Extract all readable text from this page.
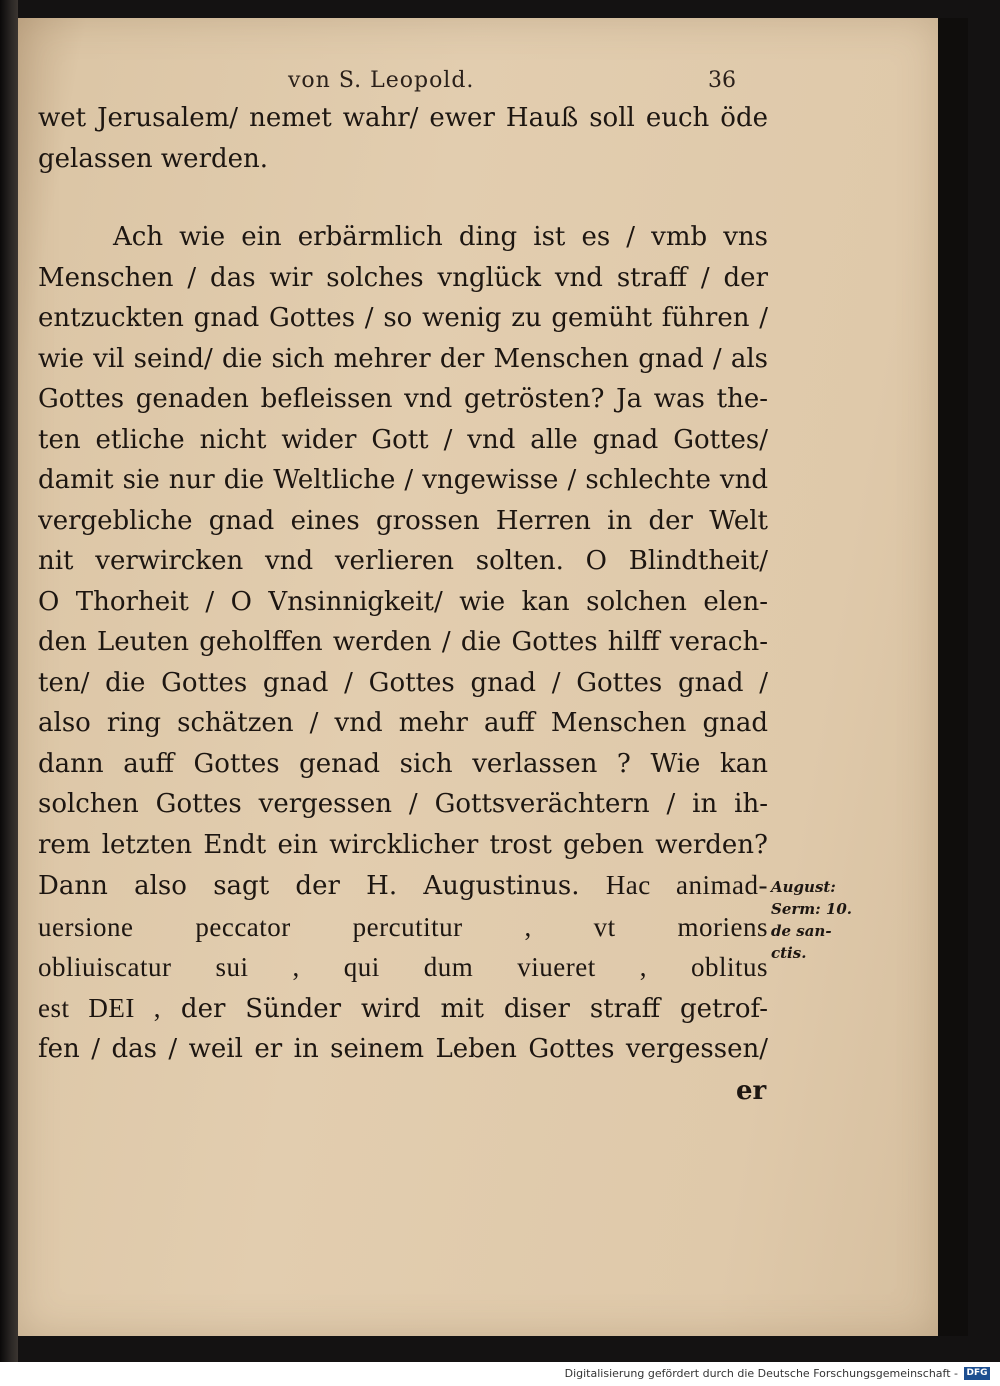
von S. Leopold.	36
wet Jerusalem/ nemet wahr/ ewer Hauß soll euch öde
gelassen werden.
Ach wie ein erbärmlich ding ist es / vmb vns
Menschen / das wir solches vnglück vnd straff / der
entzuckten gnad Gottes / so wenig zu gemüht führen /
wie vil seind/ die sich mehrer der Menschen gnad / als
Gottes genaden befleissen vnd getrösten? Ja was the-
ten etliche nicht wider Gott / vnd alle gnad Gottes/
damit sie nur die Weltliche / vngewisse / schlechte vnd
vergebliche gnad eines grossen Herren in der Welt
nit verwircken vnd verlieren solten. O Blindtheit/
O Thorheit / O Vnsinnigkeit/ wie kan solchen elen-
den Leuten geholffen werden / die Gottes hilff verach-
ten/ die Gottes gnad / Gottes gnad / Gottes gnad /
also ring schätzen / vnd mehr auff Menschen gnad
dann auff Gottes genad sich verlassen ? Wie kan
solchen Gottes vergessen / Gottsverächtern / in ih-
rem letzten Endt ein wircklicher trost geben werden?
Dann also sagt der H. Augustinus. Hac animad-
uersione peccator percutitur , vt moriens
obliuiscatur sui , qui dum viueret , oblitus
est DEI , der Sünder wird mit diser straff getrof-
fen / das / weil er in seinem Leben Gottes vergessen/
er
August:
Serm: 10.
de san-
ctis.
Digitalisierung gefördert durch die Deutsche Forschungsgemeinschaft - DFG
